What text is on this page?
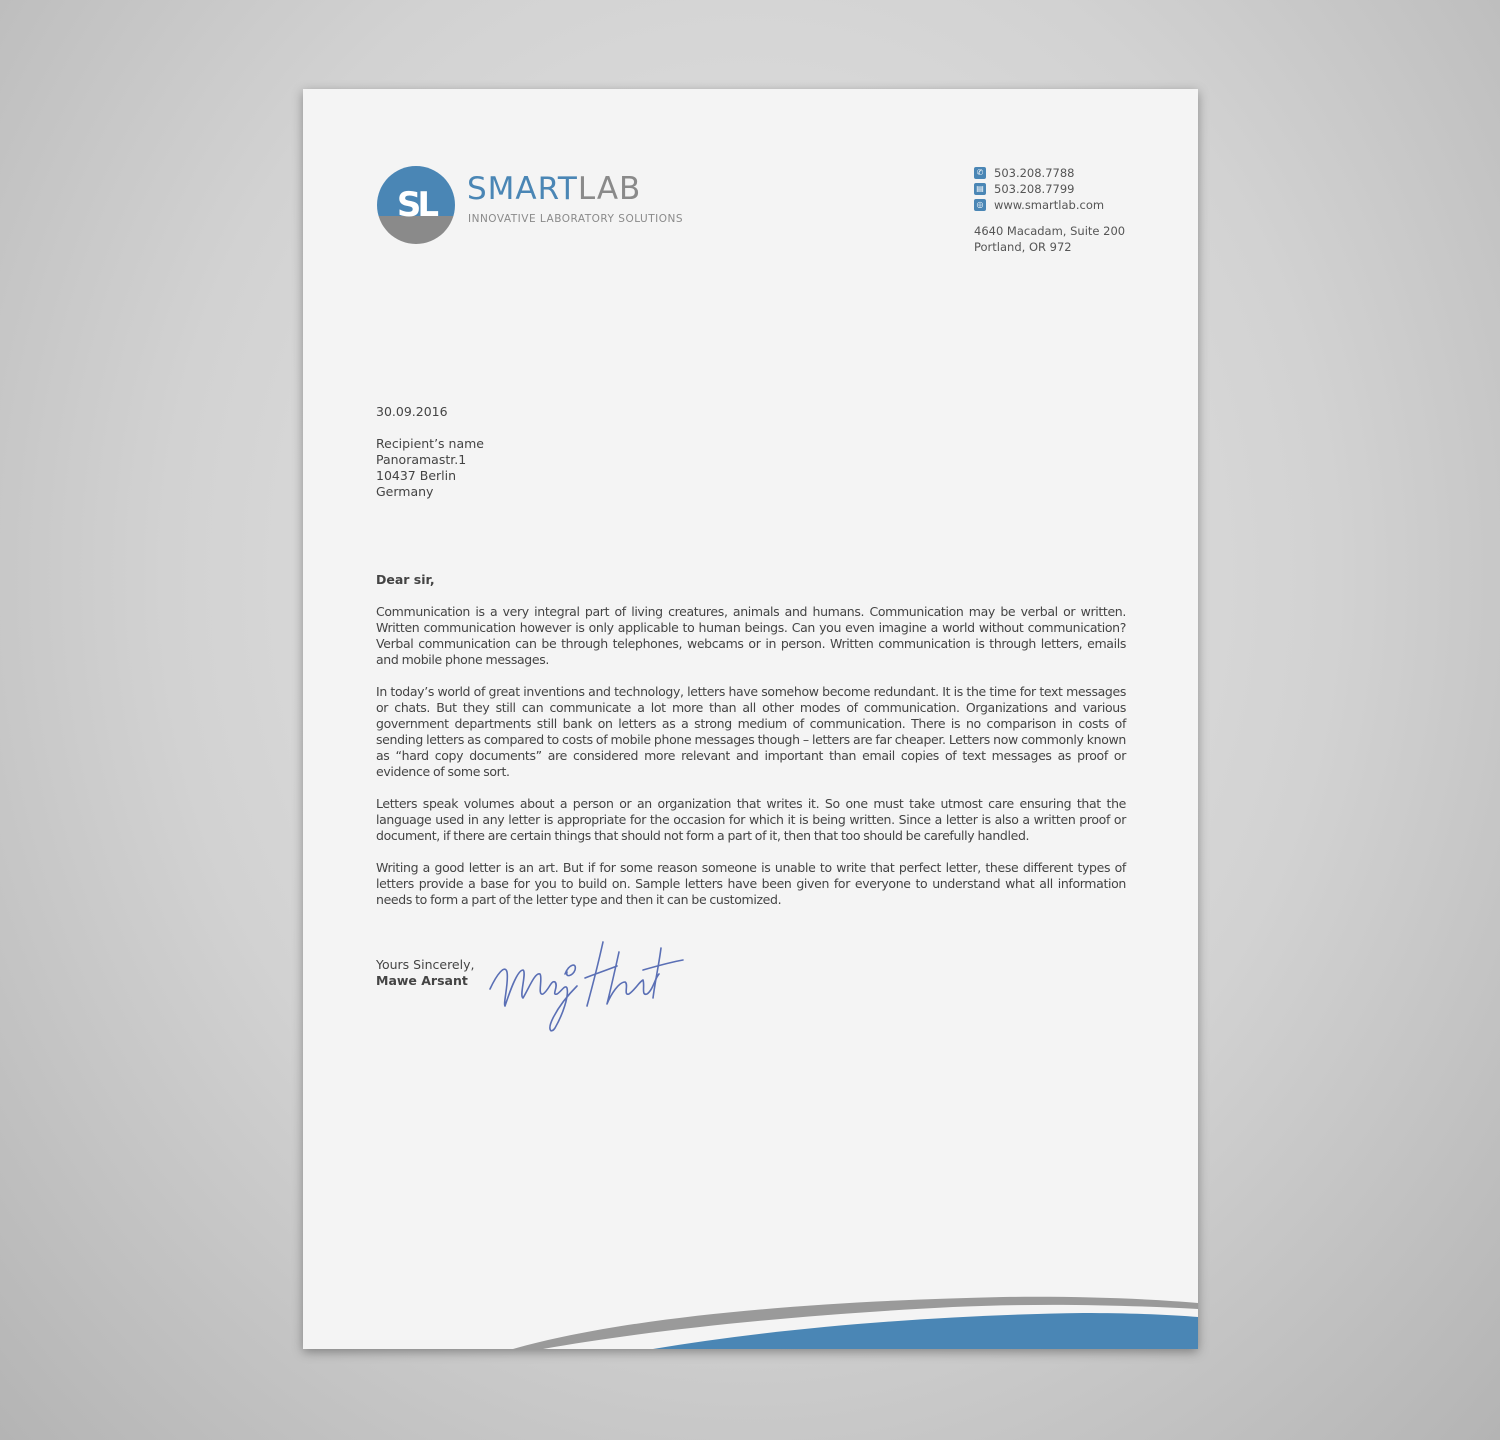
SL SMARTLAB
INNOVATIVE LABORATORY SOLUTIONS
✆ 503.208.7788
▤ 503.208.7799
◎ www.smartlab.com
4640 Macadam, Suite 200
Portland, OR 972
30.09.2016
Recipient’s name
Panoramastr.1
10437 Berlin
Germany
Dear sir,

Communication is a very integral part of living creatures, animals and humans. Communication may be verbal or written. Written communication however is only applicable to human beings. Can you even imagine a world without communication? Verbal communication can be through telephones, webcams or in person. Written communication is through letters, emails and mobile phone messages.

In today’s world of great inventions and technology, letters have somehow become redundant. It is the time for text messages or chats. But they still can communicate a lot more than all other modes of communication. Organizations and various government departments still bank on letters as a strong medium of communication. There is no comparison in costs of sending letters as compared to costs of mobile phone messages though – letters are far cheaper. Letters now commonly known as “hard copy documents” are considered more relevant and important than email copies of text messages as proof or evidence of some sort.

Letters speak volumes about a person or an organization that writes it. So one must take utmost care ensuring that the language used in any letter is appropriate for the occasion for which it is being written. Since a letter is also a written proof or document, if there are certain things that should not form a part of it, then that too should be carefully handled.

Writing a good letter is an art. But if for some reason someone is unable to write that perfect letter, these different types of letters provide a base for you to build on. Sample letters have been given for everyone to understand what all information needs to form a part of the letter type and then it can be customized.

Yours Sincerely,
Mawe Arsant
